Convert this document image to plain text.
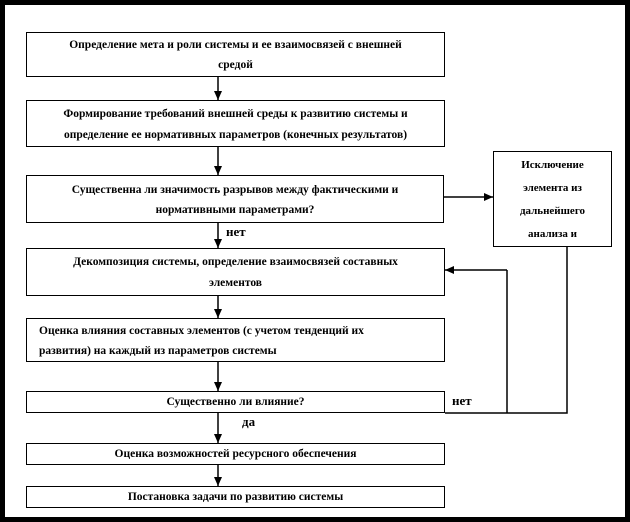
Определение мета и роли системы и ее взаимосвязей с внешней
средой
Формирование требований внешней среды к развитию системы и
определение ее нормативных параметров (конечных результатов)
Существенна ли значимость разрывов между фактическими и
нормативными параметрами?
Декомпозиция системы, определение взаимосвязей составных
элементов
Оценка влияния составных элементов (с учетом тенденций их
развития) на каждый из параметров системы
Существенно ли влияние?
Оценка возможностей ресурсного обеспечения
Постановка задачи по развитию системы
Исключение
элемента из
дальнейшего
анализа и
нет
да
нет
